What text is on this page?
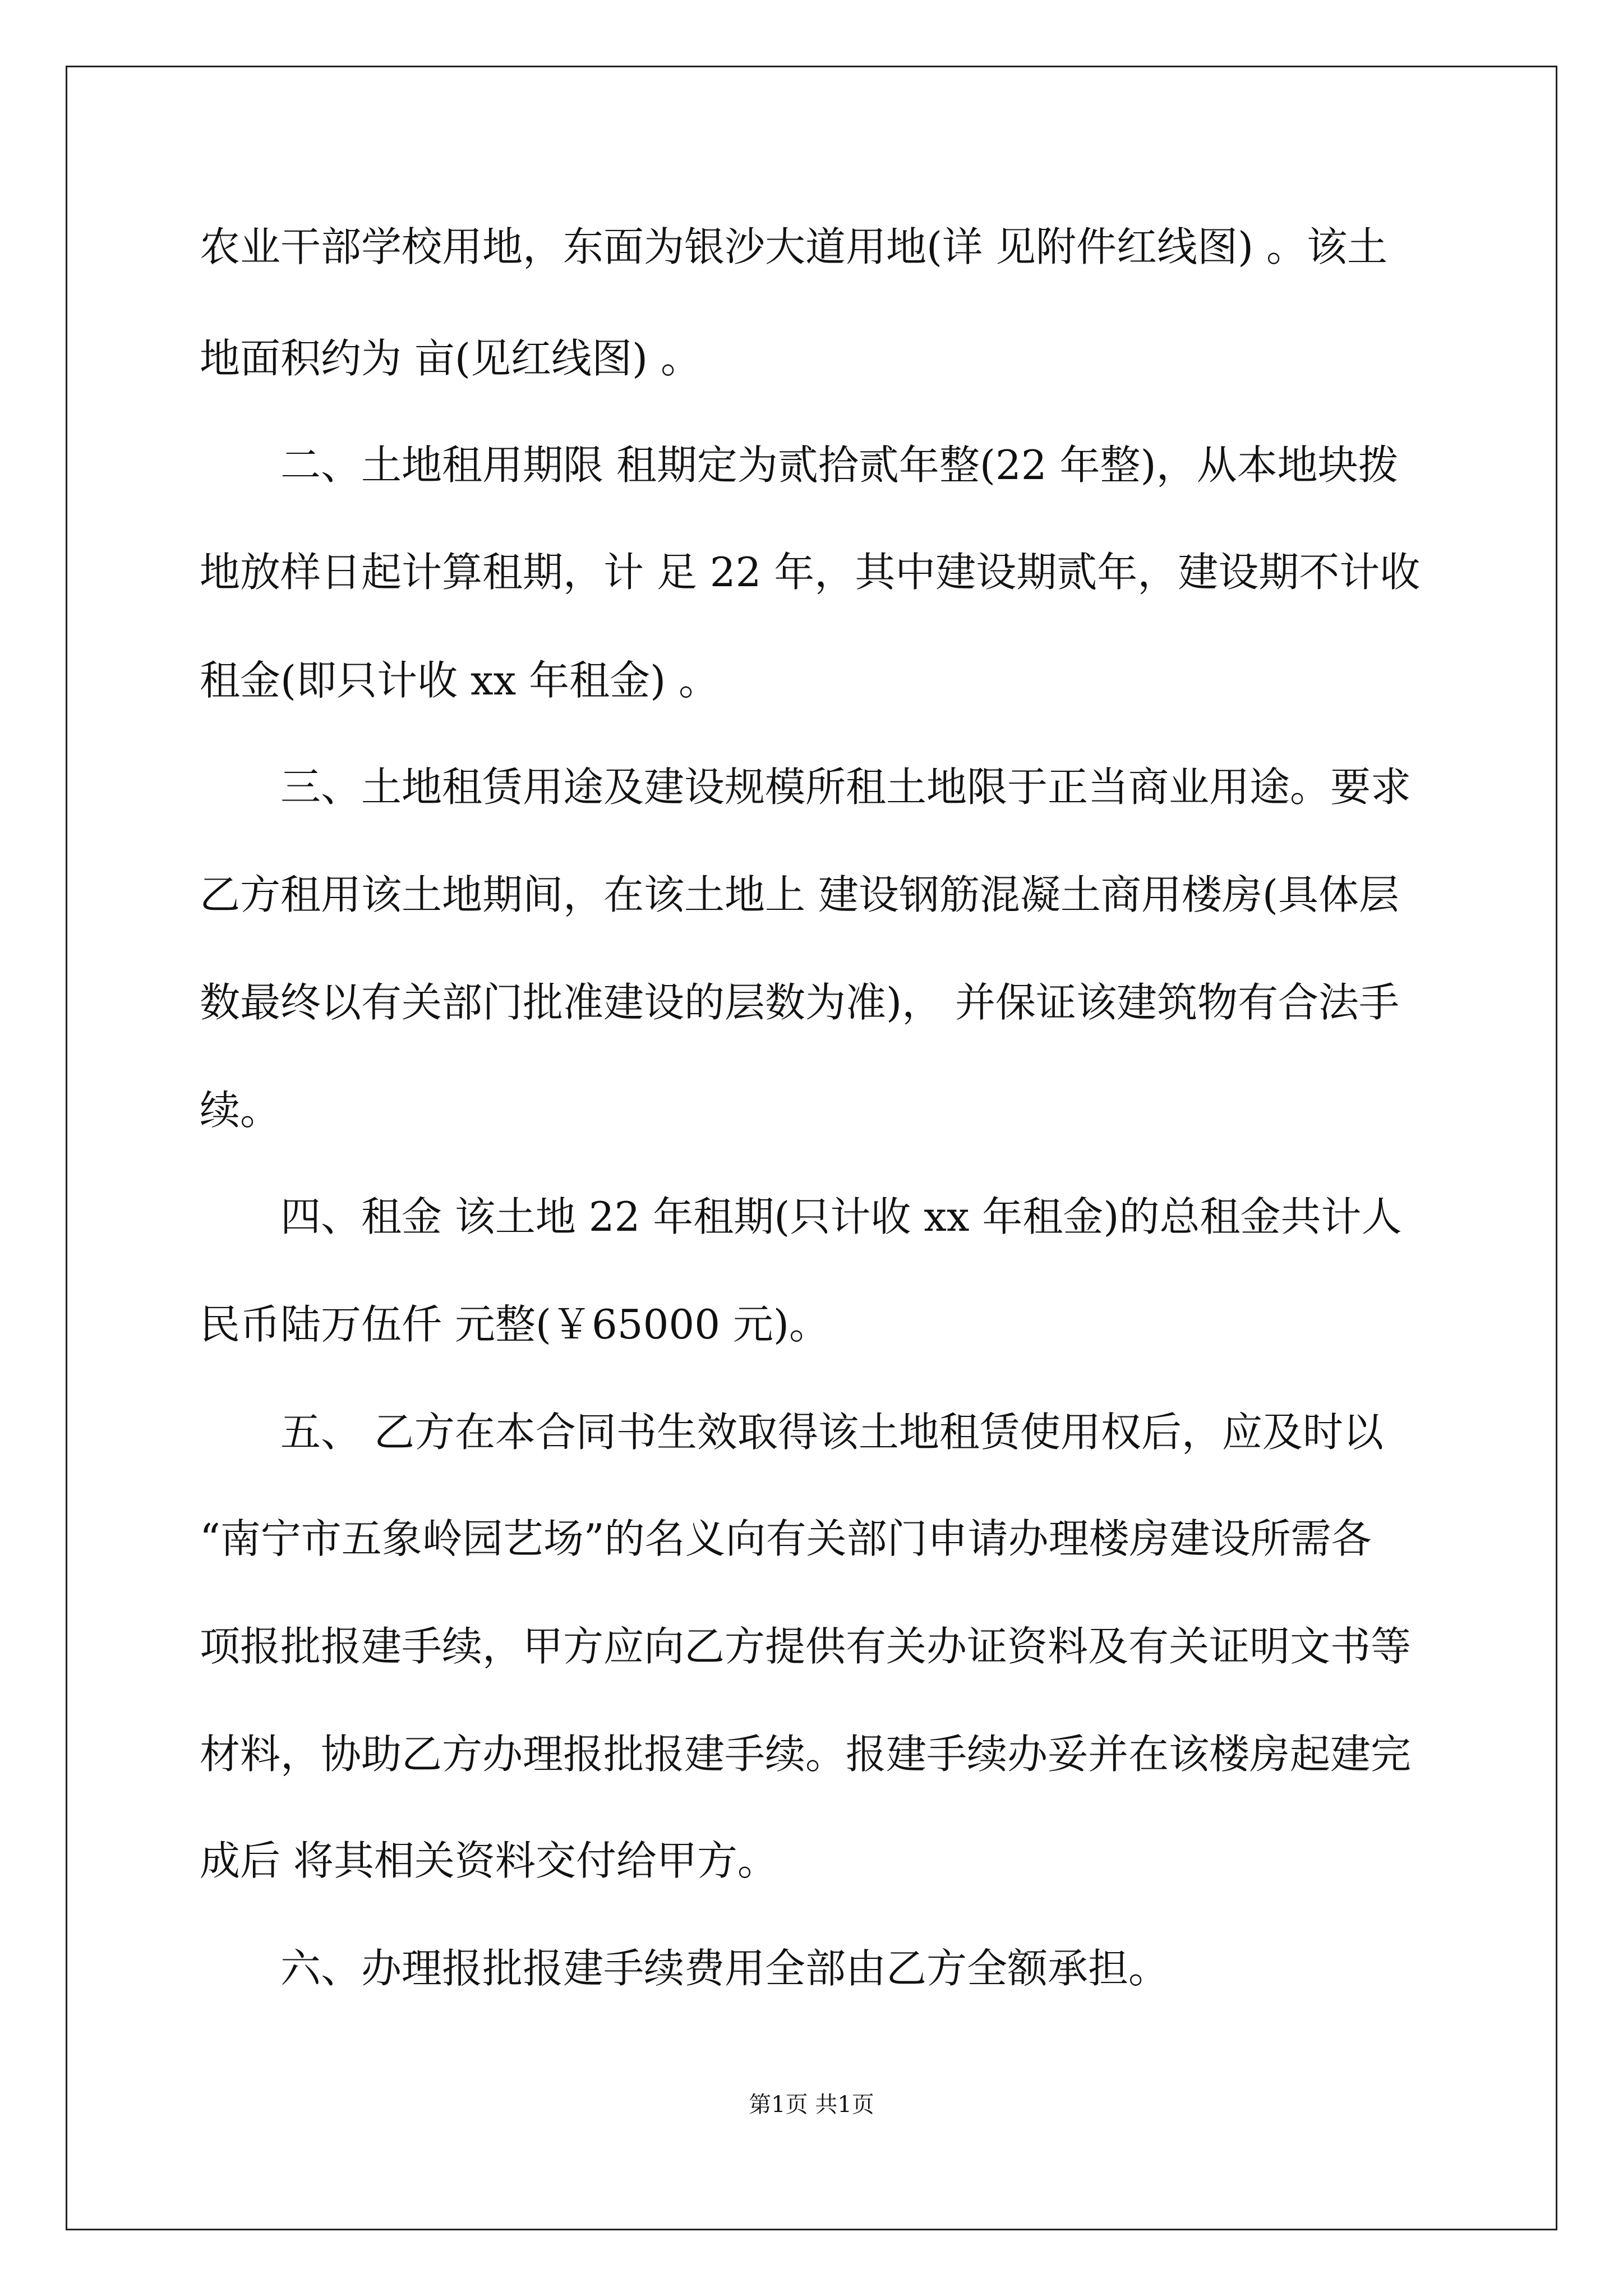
农业干部学校用地，东面为银沙大道用地(详 见附件红线图) 。该土
地面积约为 亩(见红线图) 。
二、土地租用期限 租期定为贰拾贰年整(22 年整)，从本地块拨
地放样日起计算租期，计 足 22 年，其中建设期贰年，建设期不计收
租金(即只计收 xx 年租金) 。
三、土地租赁用途及建设规模所租土地限于正当商业用途。要求
乙方租用该土地期间，在该土地上 建设钢筋混凝土商用楼房(具体层
数最终以有关部门批准建设的层数为准)， 并保证该建筑物有合法手
续。
四、租金 该土地 22 年租期(只计收 xx 年租金)的总租金共计人
民币陆万伍仟 元整(￥65000 元)。
五、 乙方在本合同书生效取得该土地租赁使用权后，应及时以
“南宁市五象岭园艺场”的名义向有关部门申请办理楼房建设所需各
项报批报建手续，甲方应向乙方提供有关办证资料及有关证明文书等
材料，协助乙方办理报批报建手续。报建手续办妥并在该楼房起建完
成后 将其相关资料交付给甲方。
六、办理报批报建手续费用全部由乙方全额承担。
第1页 共1页
